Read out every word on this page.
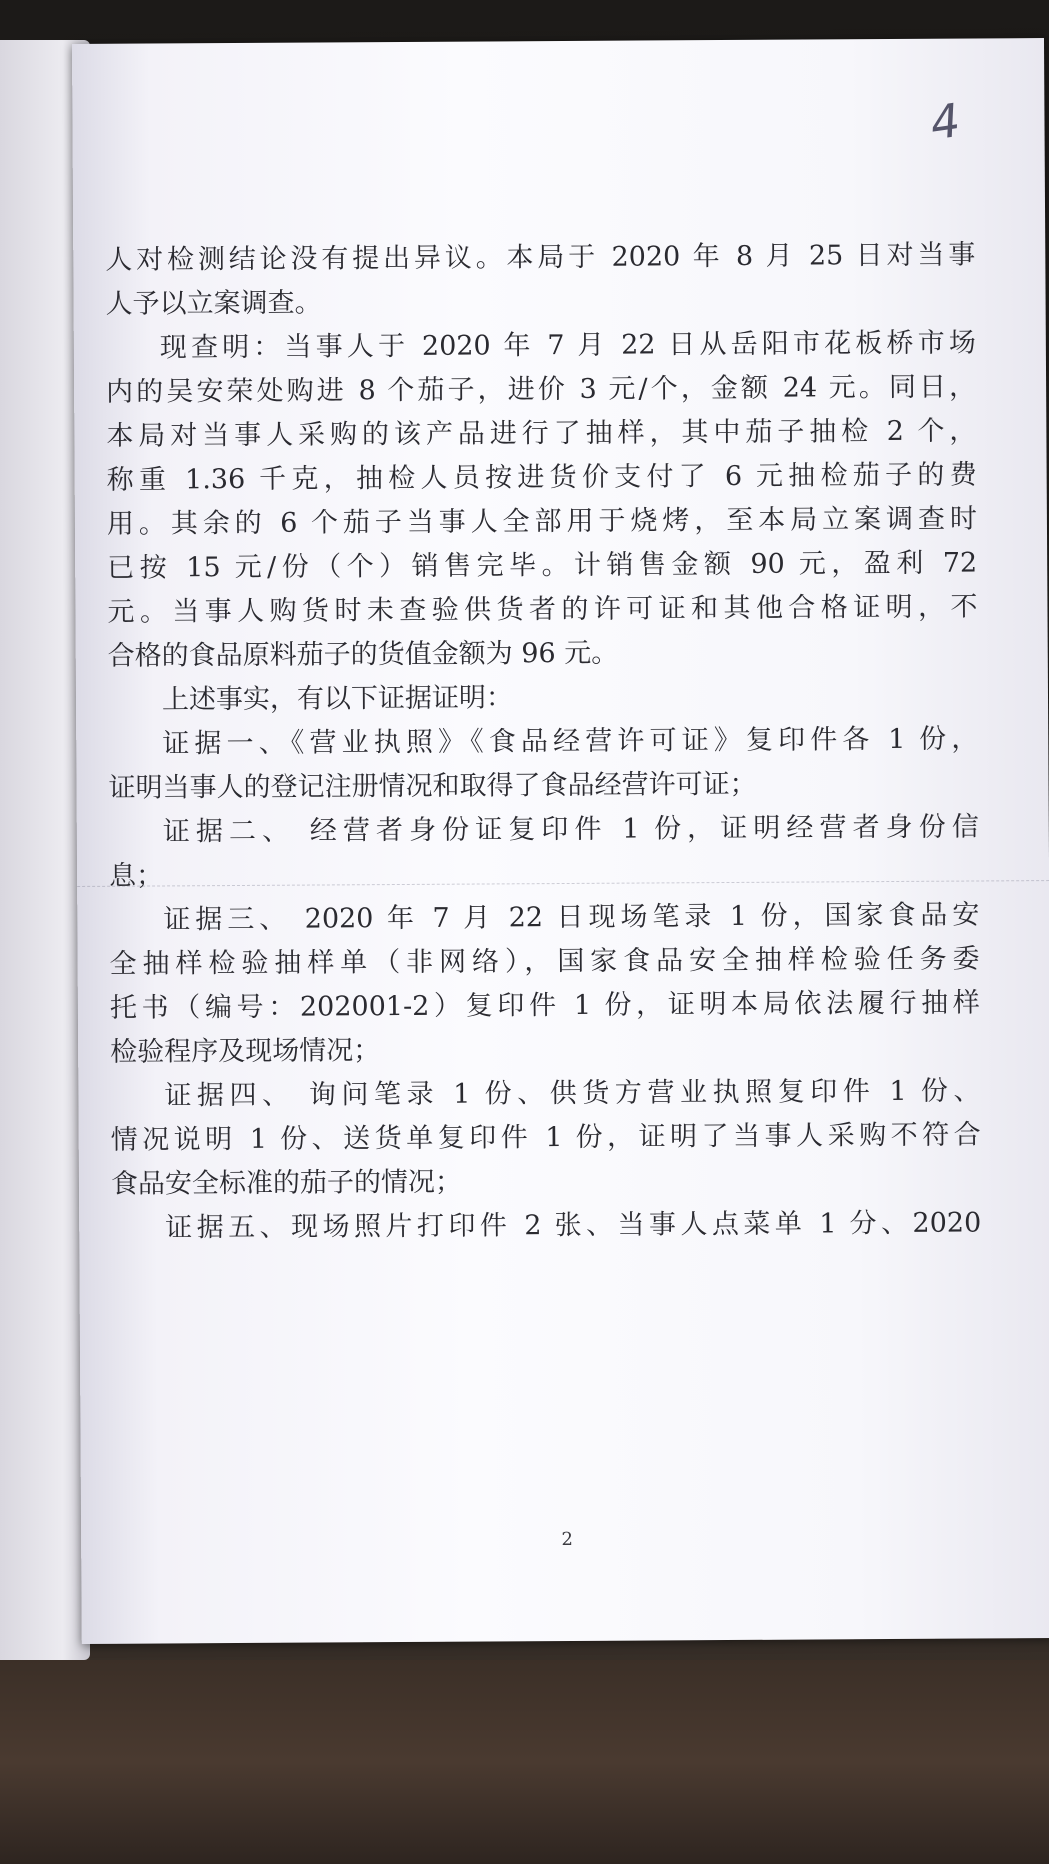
4

人对检测结论没有提出异议。本局于 2020 年 8 月 25 日对当事

人予以立案调查。

现查明：当事人于 2020 年 7 月 22 日从岳阳市花板桥市场

内的吴安荣处购进 8 个茄子，进价 3 元/个，金额 24 元。同日，

本局对当事人采购的该产品进行了抽样，其中茄子抽检 2 个，

称重 1.36 千克，抽检人员按进货价支付了 6 元抽检茄子的费

用。其余的 6 个茄子当事人全部用于烧烤，至本局立案调查时

已按 15 元/份（个）销售完毕。计销售金额 90 元，盈利 72

元。当事人购货时未查验供货者的许可证和其他合格证明，不

合格的食品原料茄子的货值金额为 96 元。

上述事实，有以下证据证明：

证据一、《营业执照》《食品经营许可证》复印件各 1 份，

证明当事人的登记注册情况和取得了食品经营许可证；

证据二、 经营者身份证复印件 1 份，证明经营者身份信

息；

证据三、 2020 年 7 月 22 日现场笔录 1 份，国家食品安

全抽样检验抽样单（非网络），国家食品安全抽样检验任务委

托书（编号：202001-2）复印件 1 份，证明本局依法履行抽样

检验程序及现场情况；

证据四、 询问笔录 1 份、供货方营业执照复印件 1 份、

情况说明 1 份、送货单复印件 1 份，证明了当事人采购不符合

食品安全标准的茄子的情况；

证据五、现场照片打印件 2 张、当事人点菜单 1 分、2020

2
